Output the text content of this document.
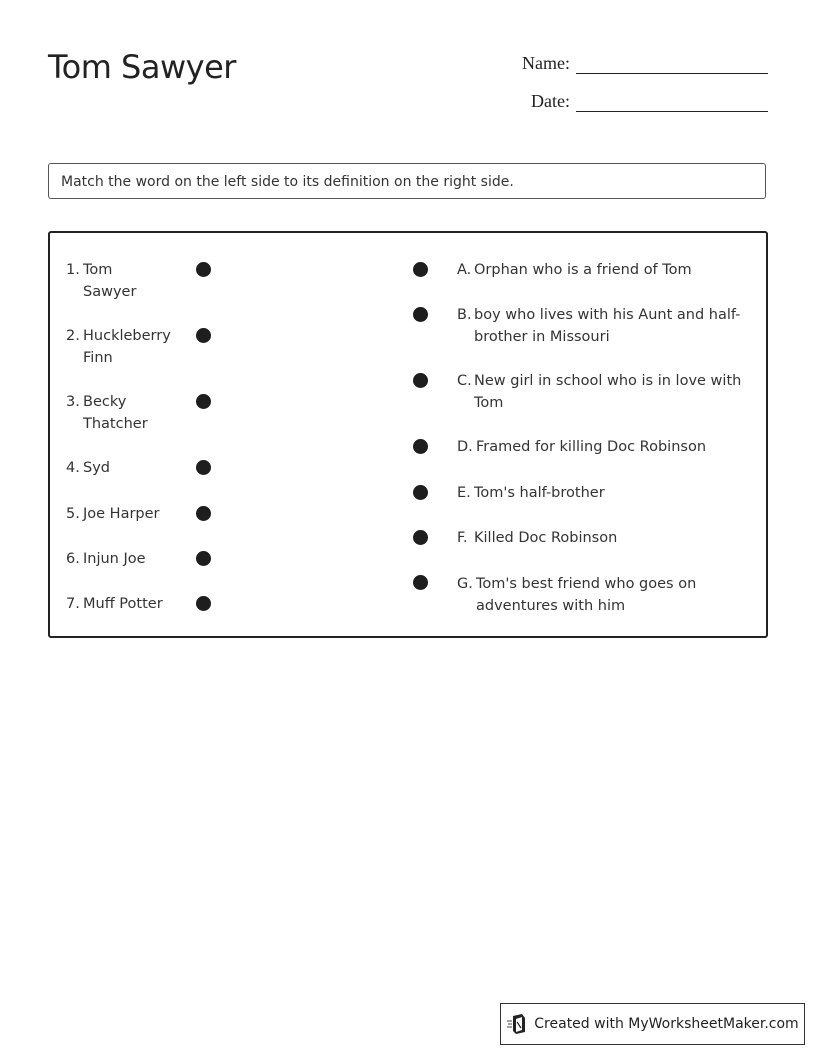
Tom Sawyer	Name:
Date:
Match the word on the left side to its definition on the right side.
1. Tom
Sawyer
2. Huckleberry
Finn
3. Becky
Thatcher
4. Syd
5. Joe Harper
6. Injun Joe
7. Muff Potter
A. Orphan who is a friend of Tom
B. boy who lives with his Aunt and half-
brother in Missouri
C. New girl in school who is in love with
Tom
D. Framed for killing Doc Robinson
E. Tom's half-brother
F. Killed Doc Robinson
G. Tom's best friend who goes on
adventures with him
Created with MyWorksheetMaker.com
